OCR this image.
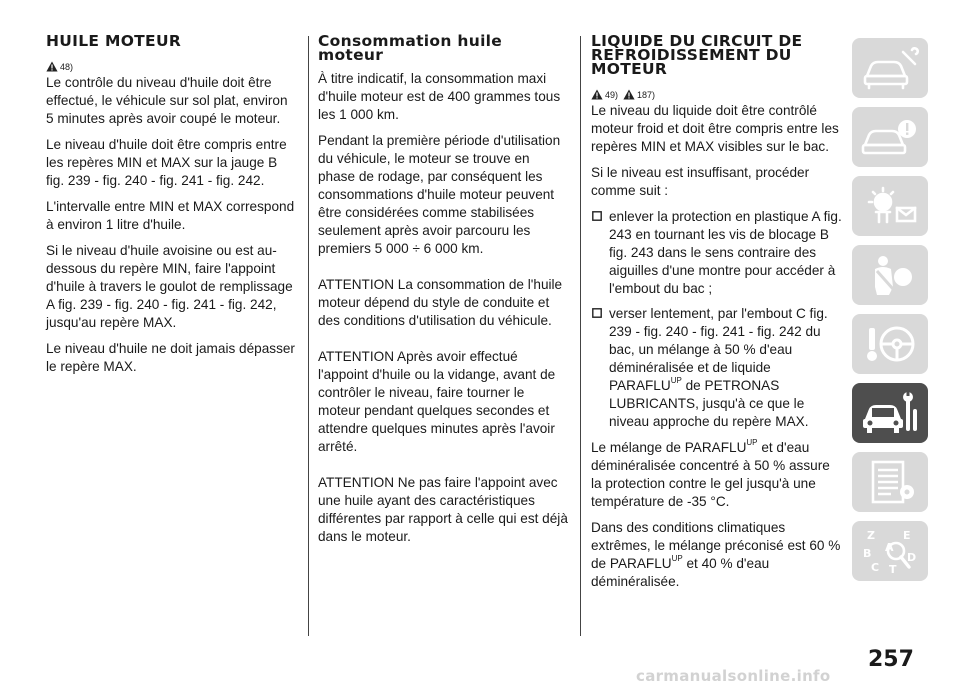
HUILE MOTEUR
48)

Le contrôle du niveau d'huile doit être effectué, le véhicule sur sol plat, environ 5 minutes après avoir coupé le moteur.

Le niveau d'huile doit être compris entre les repères MIN et MAX sur la jauge B fig. 239 - fig. 240 - fig. 241 - fig. 242.

L'intervalle entre MIN et MAX correspond à environ 1 litre d'huile.

Si le niveau d'huile avoisine ou est au-dessous du repère MIN, faire l'appoint d'huile à travers le goulot de remplissage A fig. 239 - fig. 240 - fig. 241 - fig. 242, jusqu'au repère MAX.

Le niveau d'huile ne doit jamais dépasser le repère MAX.

Consommation huile moteur

À titre indicatif, la consommation maxi d'huile moteur est de 400 grammes tous les 1 000 km.

Pendant la première période d'utilisation du véhicule, le moteur se trouve en phase de rodage, par conséquent les consommations d'huile moteur peuvent être considérées comme stabilisées seulement après avoir parcouru les premiers 5 000 ÷ 6 000 km.

ATTENTION La consommation de l'huile moteur dépend du style de conduite et des conditions d'utilisation du véhicule.

ATTENTION Après avoir effectué l'appoint d'huile ou la vidange, avant de contrôler le niveau, faire tourner le moteur pendant quelques secondes et attendre quelques minutes après l'avoir arrêté.

ATTENTION Ne pas faire l'appoint avec une huile ayant des caractéristiques différentes par rapport à celle qui est déjà dans le moteur.

LIQUIDE DU CIRCUIT DE REFROIDISSEMENT DU MOTEUR
49) 187)

Le niveau du liquide doit être contrôlé moteur froid et doit être compris entre les repères MIN et MAX visibles sur le bac.

Si le niveau est insuffisant, procéder comme suit :

enlever la protection en plastique A fig. 243 en tournant les vis de blocage B fig. 243 dans le sens contraire des aiguilles d'une montre pour accéder à l'embout du bac ;
verser lentement, par l'embout C fig. 239 - fig. 240 - fig. 241 - fig. 242 du bac, un mélange à 50 % d'eau déminéralisée et de liquide $PARAFLU^{UP}$ de PETRONAS LUBRICANTS, jusqu'à ce que le niveau approche du repère MAX.

Le mélange de $PARAFLU^{UP}$ et d'eau déminéralisée concentré à 50 % assure la protection contre le gel jusqu'à une température de -35 °C.

Dans des conditions climatiques extrêmes, le mélange préconisé est 60 % de $PARAFLU^{UP}$ et 40 % d'eau déminéralisée.

Z	E
A
B	D
C T
257
carmanualsonline.info
